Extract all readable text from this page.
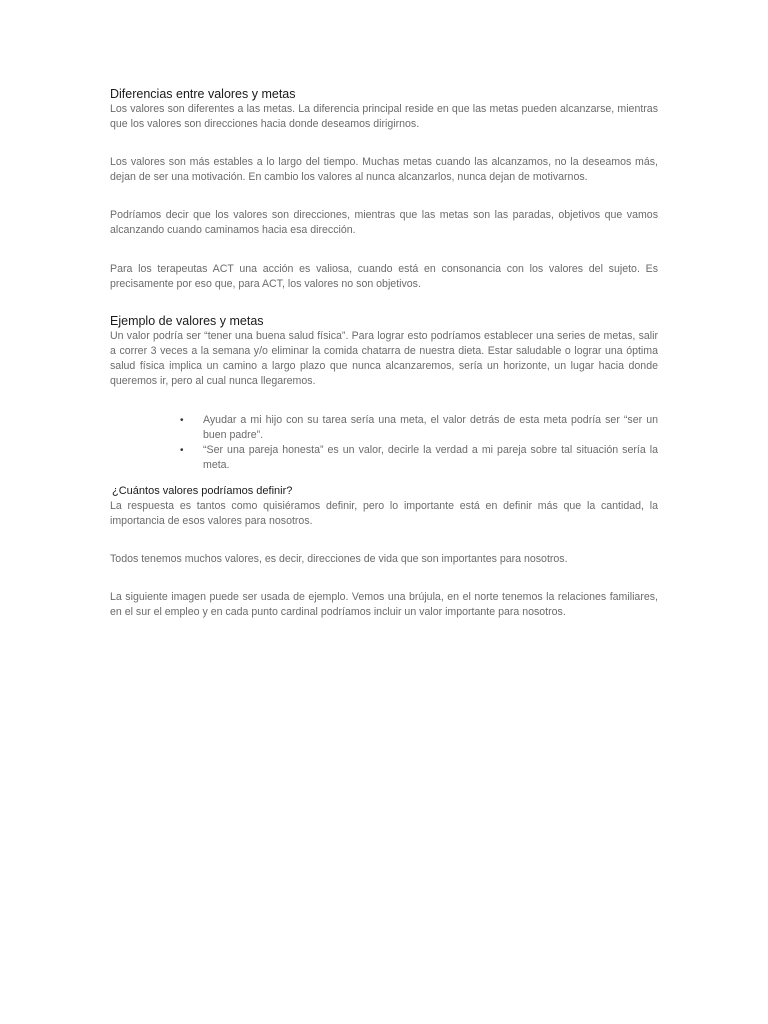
Diferencias entre valores y metas

Los valores son diferentes a las metas. La diferencia principal reside en que las metas pueden alcanzarse, mientras que los valores son direcciones hacia donde deseamos dirigirnos.

Los valores son más estables a lo largo del tiempo. Muchas metas cuando las alcanzamos, no la deseamos más, dejan de ser una motivación. En cambio los valores al nunca alcanzarlos, nunca dejan de motivarnos.

Podríamos decir que los valores son direcciones, mientras que las metas son las paradas, objetivos que vamos alcanzando cuando caminamos hacia esa dirección.

Para los terapeutas ACT una acción es valiosa, cuando está en consonancia con los valores del sujeto. Es precisamente por eso que, para ACT, los valores no son objetivos.

Ejemplo de valores y metas

Un valor podría ser “tener una buena salud física”. Para lograr esto podríamos establecer una series de metas, salir a correr 3 veces a la semana y/o eliminar la comida chatarra de nuestra dieta. Estar saludable o lograr una óptima salud física implica un camino a largo plazo que nunca alcanzaremos, sería un horizonte, un lugar hacia donde queremos ir, pero al cual nunca llegaremos.

• Ayudar a mi hijo con su tarea sería una meta, el valor detrás de esta meta podría ser “ser un buen padre”.
• “Ser una pareja honesta” es un valor, decirle la verdad a mi pareja sobre tal situación sería la meta.
¿Cuántos valores podríamos definir?

La respuesta es tantos como quisiéramos definir, pero lo importante está en definir más que la cantidad, la importancia de esos valores para nosotros.

Todos tenemos muchos valores, es decir, direcciones de vida que son importantes para nosotros.

La siguiente imagen puede ser usada de ejemplo. Vemos una brújula, en el norte tenemos la relaciones familiares, en el sur el empleo y en cada punto cardinal podríamos incluir un valor importante para nosotros.
